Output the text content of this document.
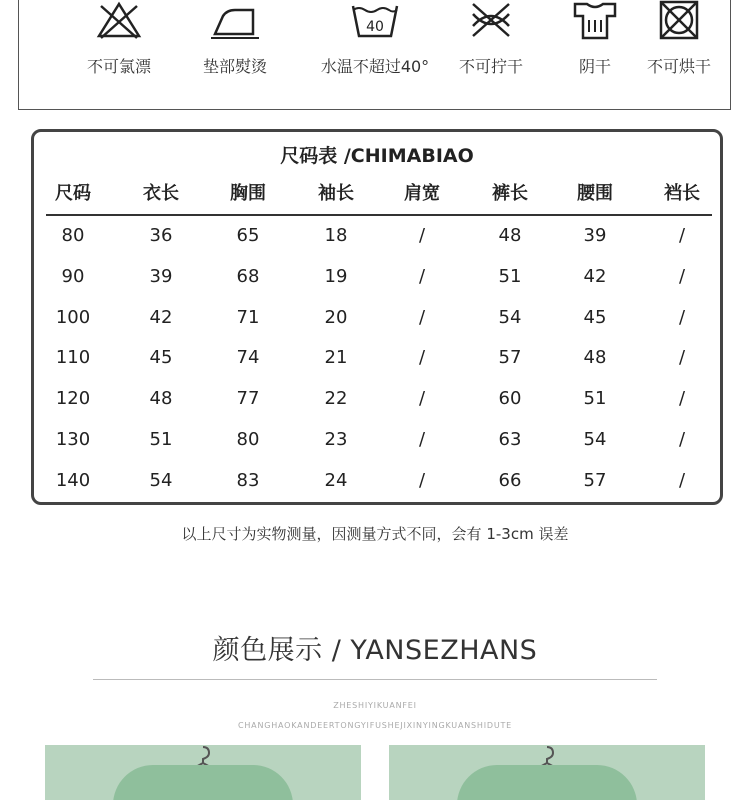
不可氯漂	垫部熨烫
40
水温不超过40°	不可拧干	阴干	不可烘干
尺码表 /CHIMABIAO
尺码	衣长	胸围	袖长	肩宽	裤长	腰围	裆长
80	36	65	18	/	48	39	/
90	39	68	19	/	51	42	/
100	42	71	20	/	54	45	/
110	45	74	21	/	57	48	/
120	48	77	22	/	60	51	/
130	51	80	23	/	63	54	/
140	54	83	24	/	66	57	/
以上尺寸为实物测量，因测量方式不同，会有 1-3cm 误差
颜色展示 / YANSEZHANS
ZHESHIYIKUANFEI
CHANGHAOKANDEERTONGYIFUSHEJIXINYINGKUANSHIDUTE
